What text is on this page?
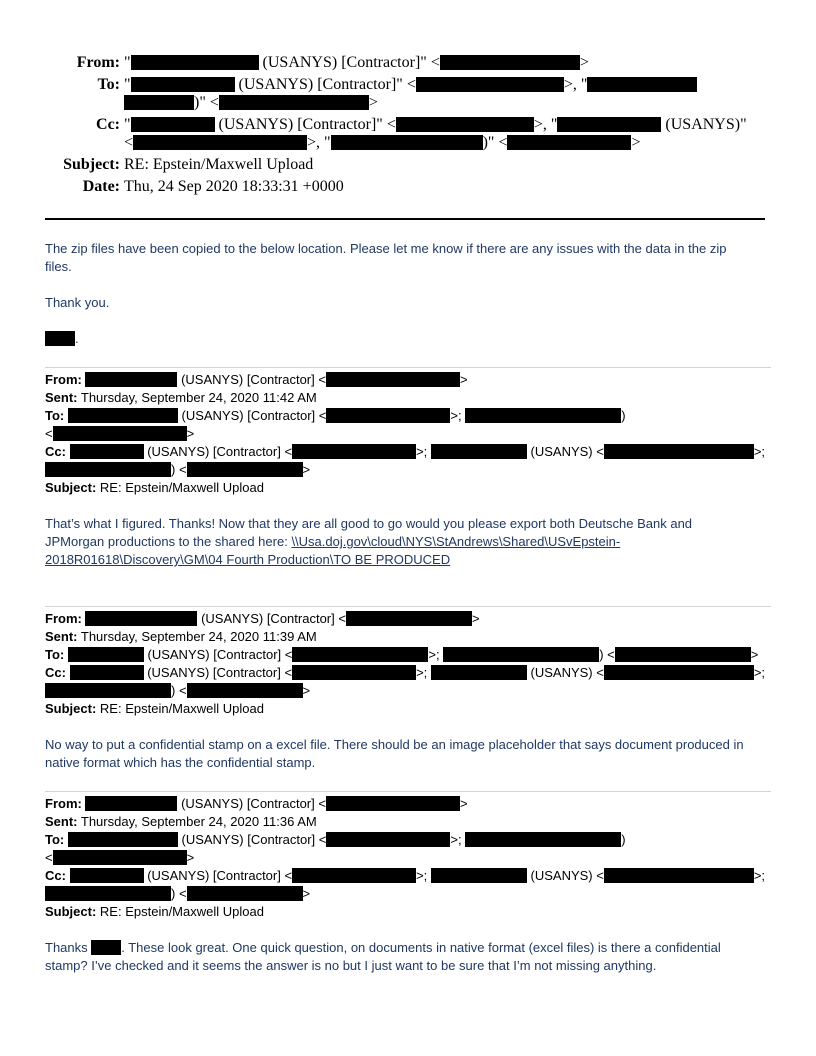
From: "	(USANYS) [Contractor]" <	>
To: "	(USANYS) [Contractor]" <	>, "
)" <	>
Cc: "	(USANYS) [Contractor]" <	>, "	(USANYS)"
<	>, "	)" <	>
Subject: RE: Epstein/Maxwell Upload
Date: Thu, 24 Sep 2020 18:33:31 +0000
The zip files have been copied to the below location. Please let me know if there are any issues with the data in the zip
files.
Thank you.
.
From:	(USANYS) [Contractor] <	>
Sent: Thursday, September 24, 2020 11:42 AM
To:	(USANYS) [Contractor] <	>;	)
<	>
Cc:	(USANYS) [Contractor] <	>;	(USANYS) <	>;
) <	>
Subject: RE: Epstein/Maxwell Upload
That’s what I figured. Thanks! Now that they are all good to go would you please export both Deutsche Bank and
JPMorgan productions to the shared here: \\Usa.doj.gov\cloud\NYS\StAndrews\Shared\USvEpstein-
2018R01618\Discovery\GM\04 Fourth Production\TO BE PRODUCED
From:	(USANYS) [Contractor] <	>
Sent: Thursday, September 24, 2020 11:39 AM
To:	(USANYS) [Contractor] <	>;	) <	>
Cc:	(USANYS) [Contractor] <	>;	(USANYS) <	>;
) <	>
Subject: RE: Epstein/Maxwell Upload
No way to put a confidential stamp on a excel file. There should be an image placeholder that says document produced in
native format which has the confidential stamp.
From:	(USANYS) [Contractor] <	>
Sent: Thursday, September 24, 2020 11:36 AM
To:	(USANYS) [Contractor] <	>;	)
<	>
Cc:	(USANYS) [Contractor] <	>;	(USANYS) <	>;
) <	>
Subject: RE: Epstein/Maxwell Upload
Thanks . These look great. One quick question, on documents in native format (excel files) is there a confidential
stamp? I’ve checked and it seems the answer is no but I just want to be sure that I’m not missing anything.
